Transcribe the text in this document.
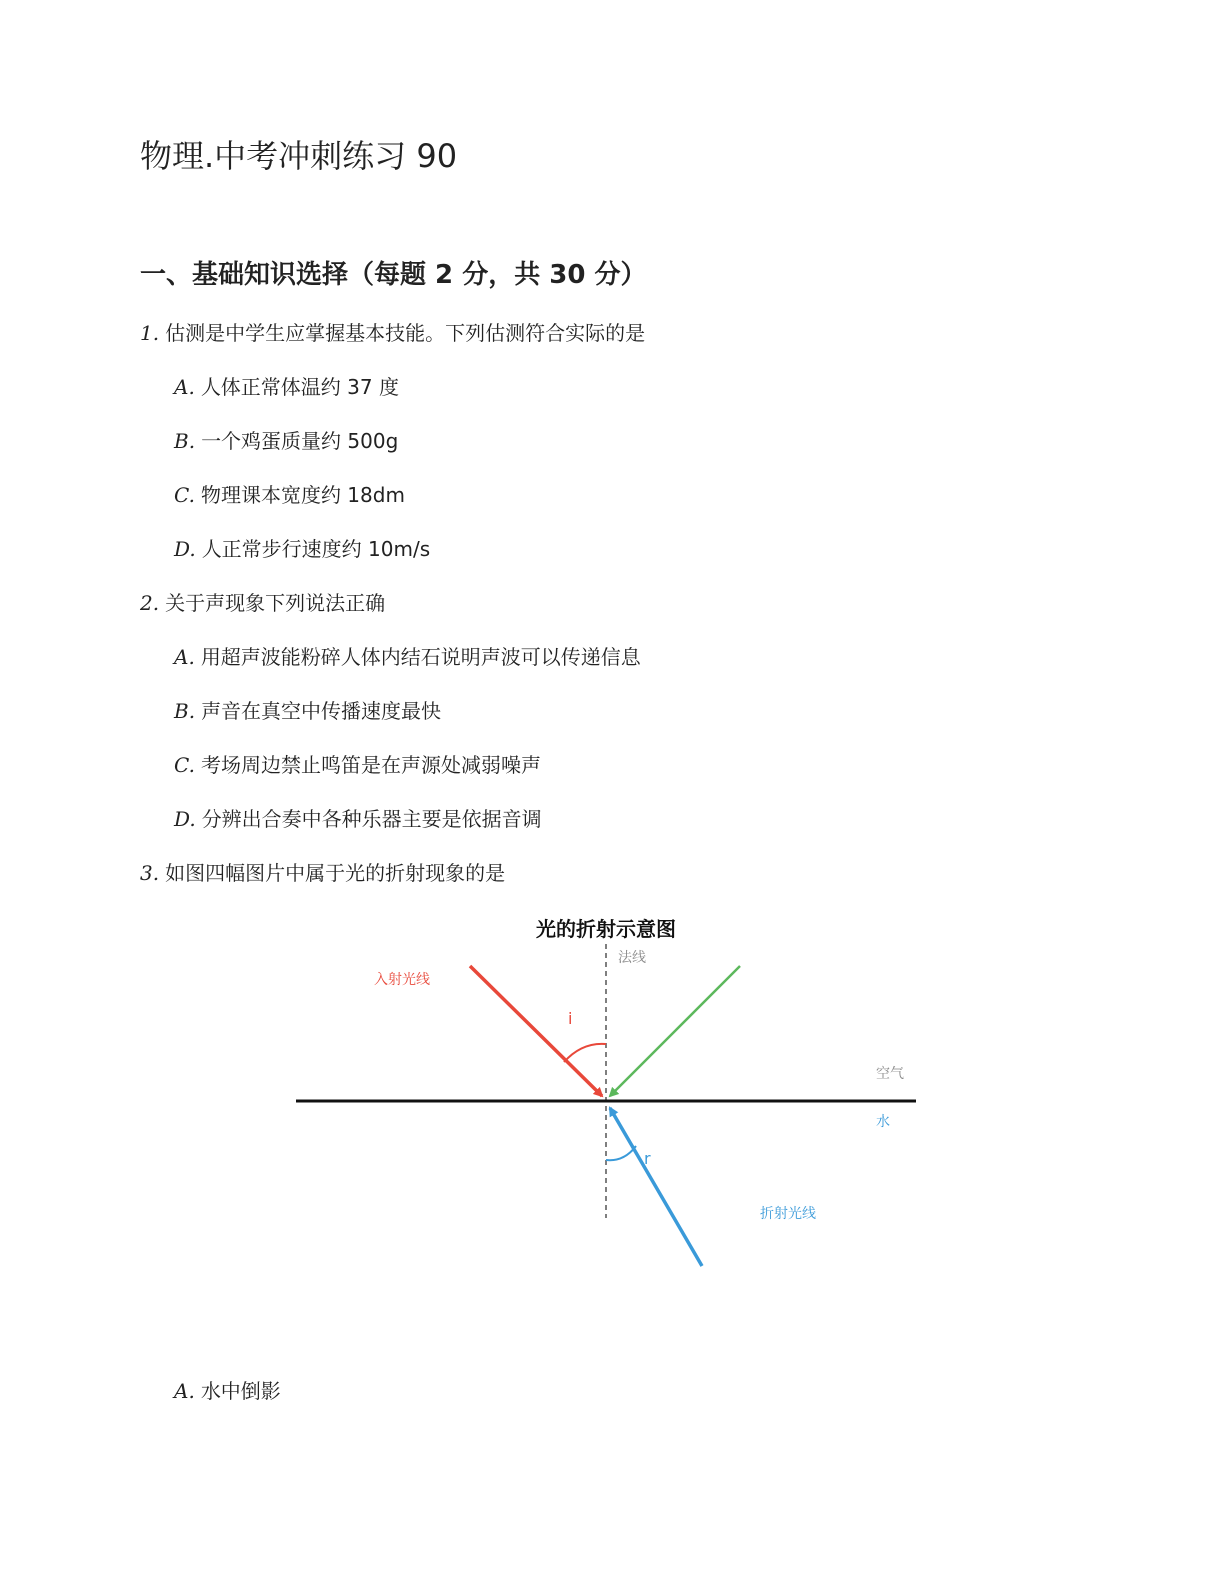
物理.中考冲刺练习 90
一、基础知识选择（每题 2 分，共 30 分）
1. 估测是中学生应掌握基本技能。下列估测符合实际的是
A. 人体正常体温约 37 度
B. 一个鸡蛋质量约 500g
C. 物理课本宽度约 18dm
D. 人正常步行速度约 10m/s
2. 关于声现象下列说法正确
A. 用超声波能粉碎人体内结石说明声波可以传递信息
B. 声音在真空中传播速度最快
C. 考场周边禁止鸣笛是在声源处减弱噪声
D. 分辨出合奏中各种乐器主要是依据音调
3. 如图四幅图片中属于光的折射现象的是
光的折射示意图
法线
空气
水
入射光线
i
r
折射光线
A. 水中倒影
